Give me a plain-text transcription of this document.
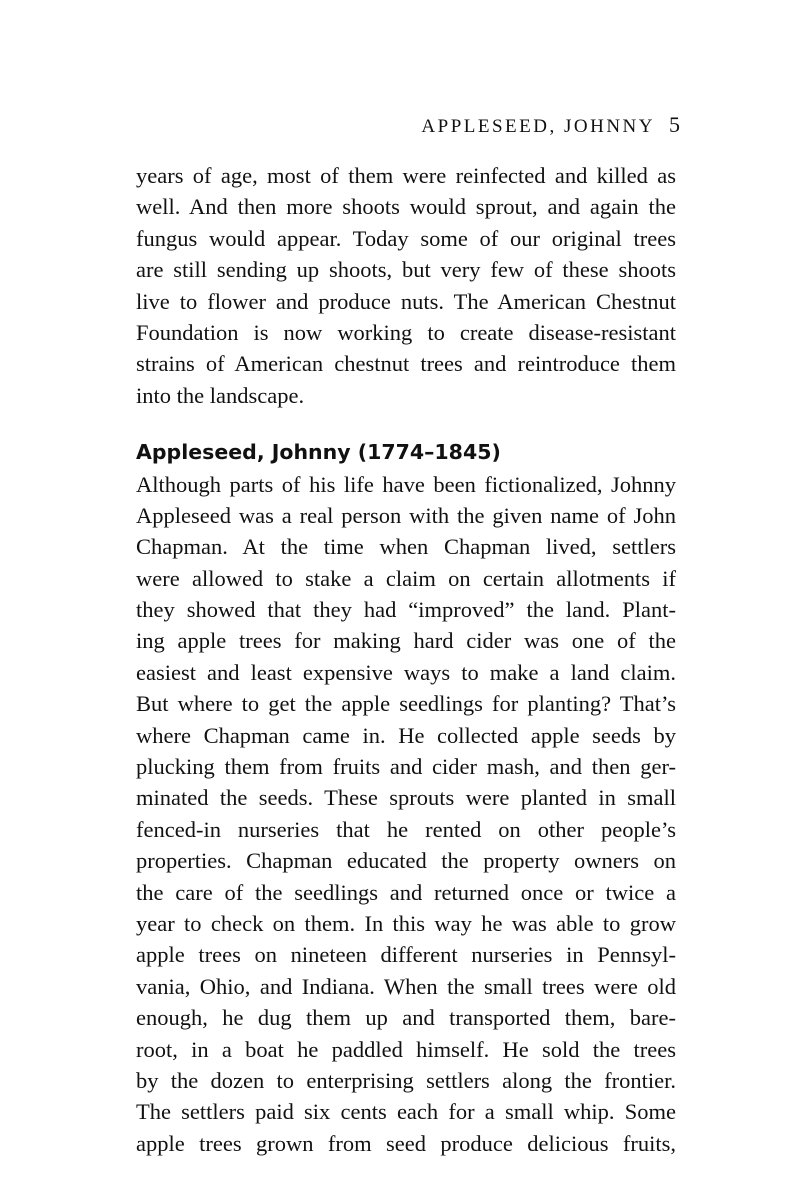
APPLESEED, JOHNNY 5
years of age, most of them were reinfected and killed as
well. And then more shoots would sprout, and again the
fungus would appear. Today some of our original trees
are still sending up shoots, but very few of these shoots
live to flower and produce nuts. The American Chestnut
Foundation is now working to create disease-resistant
strains of American chestnut trees and reintroduce them
into the landscape.
Appleseed, Johnny (1774–1845)
Although parts of his life have been fictionalized, Johnny
Appleseed was a real person with the given name of John
Chapman. At the time when Chapman lived, settlers
were allowed to stake a claim on certain allotments if
they showed that they had “improved” the land. Plant-
ing apple trees for making hard cider was one of the
easiest and least expensive ways to make a land claim.
But where to get the apple seedlings for planting? That’s
where Chapman came in. He collected apple seeds by
plucking them from fruits and cider mash, and then ger-
minated the seeds. These sprouts were planted in small
fenced-in nurseries that he rented on other people’s
properties. Chapman educated the property owners on
the care of the seedlings and returned once or twice a
year to check on them. In this way he was able to grow
apple trees on nineteen different nurseries in Pennsyl-
vania, Ohio, and Indiana. When the small trees were old
enough, he dug them up and transported them, bare-
root, in a boat he paddled himself. He sold the trees
by the dozen to enterprising settlers along the frontier.
The settlers paid six cents each for a small whip. Some
apple trees grown from seed produce delicious fruits,
